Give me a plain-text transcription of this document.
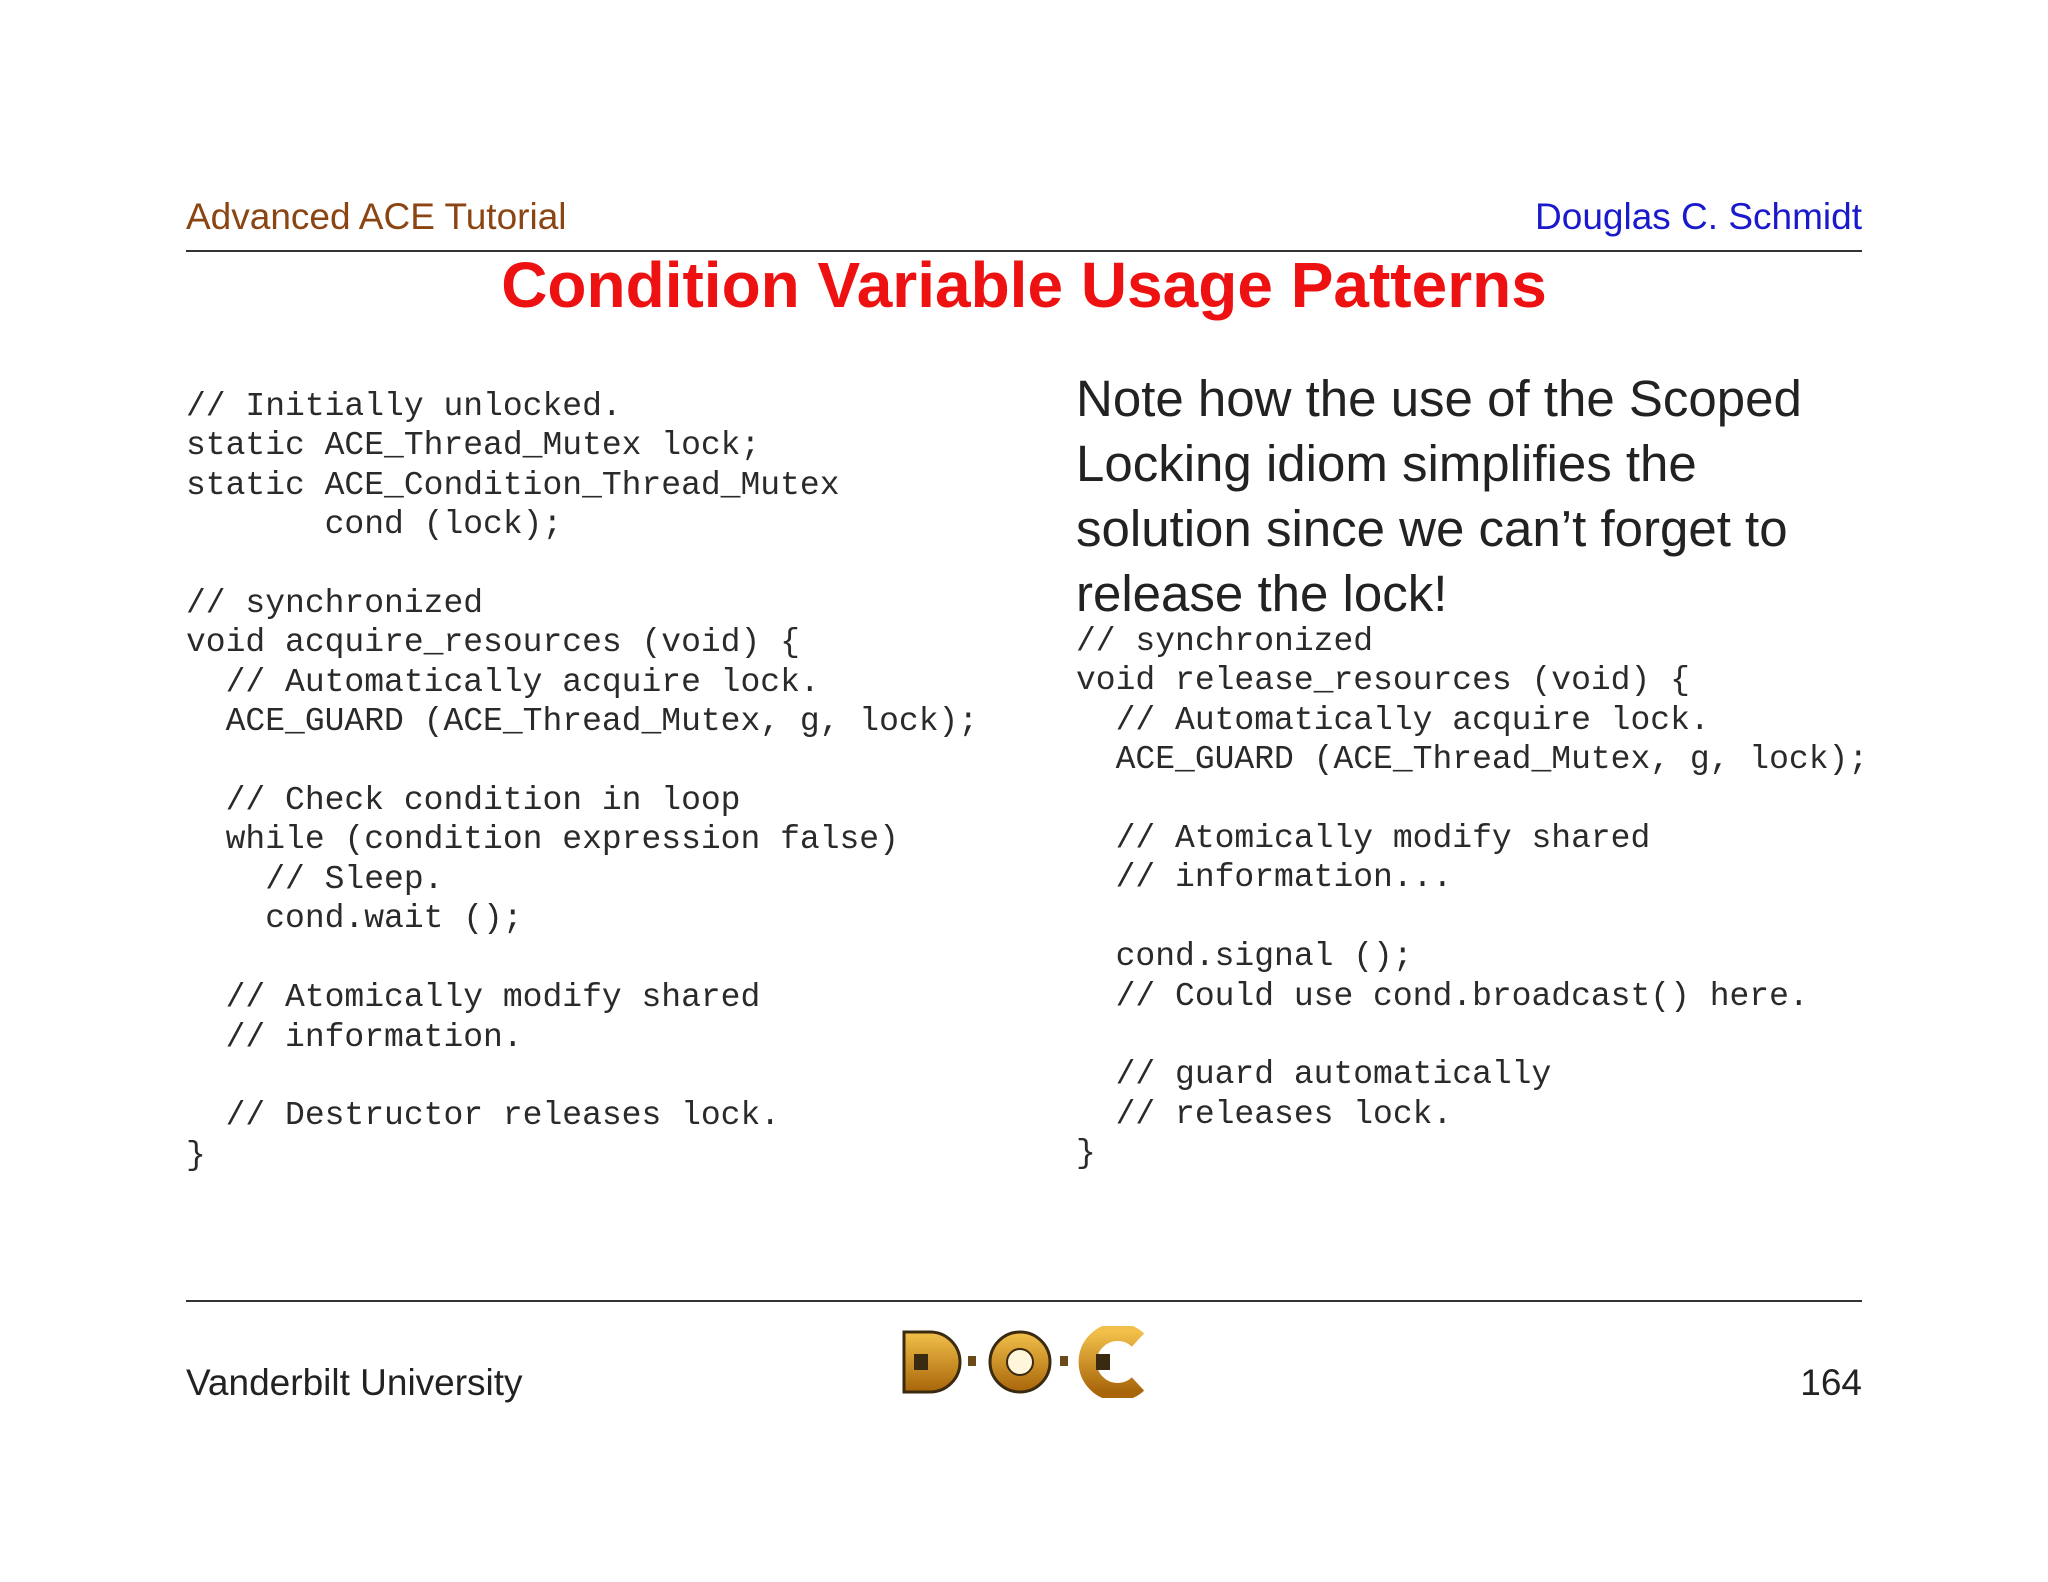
Advanced ACE Tutorial	Douglas C. Schmidt
Condition Variable Usage Patterns
// Initially unlocked.
static ACE_Thread_Mutex lock;
static ACE_Condition_Thread_Mutex
cond (lock);

// synchronized
void acquire_resources (void) {
// Automatically acquire lock.
ACE_GUARD (ACE_Thread_Mutex, g, lock);

// Check condition in loop
while (condition expression false)
// Sleep.
cond.wait ();

// Atomically modify shared
// information.

// Destructor releases lock.
}
Note how the use of the Scoped Locking idiom simplifies the solution since we can’t forget to release the lock!
// synchronized
void release_resources (void) {
// Automatically acquire lock.
ACE_GUARD (ACE_Thread_Mutex, g, lock);

// Atomically modify shared
// information...

cond.signal ();
// Could use cond.broadcast() here.

// guard automatically
// releases lock.
}
Vanderbilt University	164
